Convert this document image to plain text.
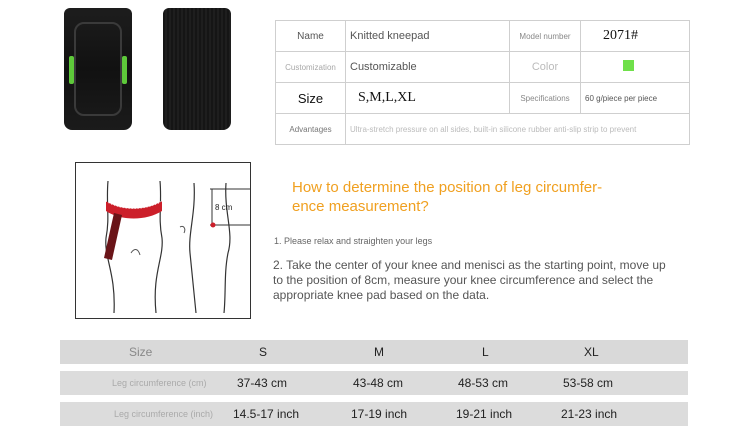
Name	Knitted kneepad	Model number	2071#
Customization	Customizable	Color	
Size	S,M,L,XL	Specifications	60 g/piece per piece
Advantages	Ultra-stretch pressure on all sides, built-in silicone rubber anti-slip strip to prevent		
8 cm
How to determine the position of leg circumfer-
ence measurement?
1. Please relax and straighten your legs
2. Take the center of your knee and menisci as the starting point, move up to the position of 8cm, measure your knee circumference and select the appropriate knee pad based on the data.
Size	S	M	L	XL
Leg circumference (cm)	37-43 cm	43-48 cm	48-53 cm	53-58 cm
Leg circumference (inch) 14.5-17 inch	17-19 inch	19-21 inch	21-23 inch
